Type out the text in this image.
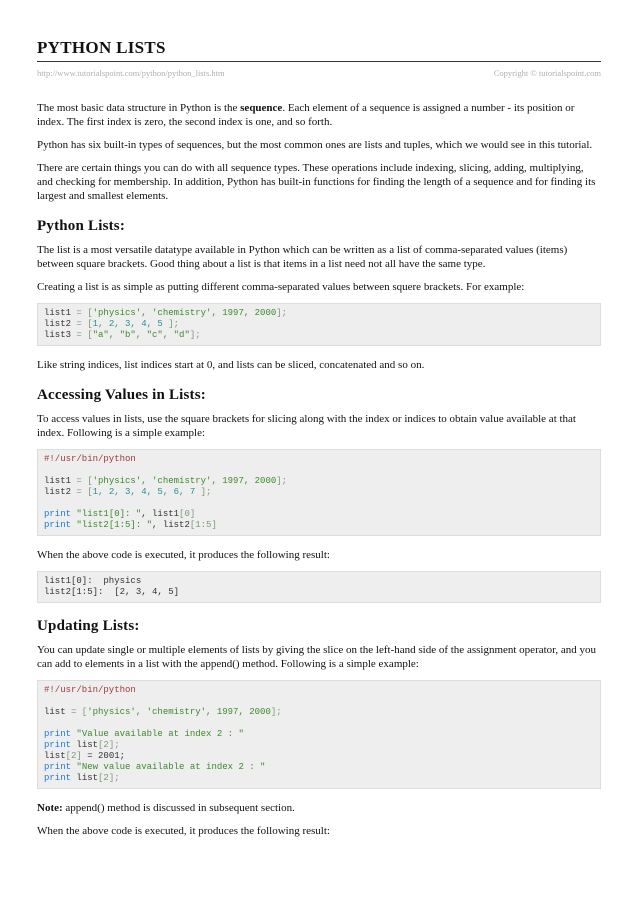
PYTHON LISTS
http://www.tutorialspoint.com/python/python_lists.htm	Copyright © tutorialspoint.com

The most basic data structure in Python is the sequence. Each element of a sequence is assigned a number - its position or index. The first index is zero, the second index is one, and so forth.

Python has six built-in types of sequences, but the most common ones are lists and tuples, which we would see in this tutorial.

There are certain things you can do with all sequence types. These operations include indexing, slicing, adding, multiplying, and checking for membership. In addition, Python has built-in functions for finding the length of a sequence and for finding its largest and smallest elements.

Python Lists:

The list is a most versatile datatype available in Python which can be written as a list of comma-separated values (items) between square brackets. Good thing about a list is that items in a list need not all have the same type.

Creating a list is as simple as putting different comma-separated values between squere brackets. For example:

list1 = ['physics', 'chemistry', 1997, 2000];
list2 = [1, 2, 3, 4, 5 ];
list3 = ["a", "b", "c", "d"];

Like string indices, list indices start at 0, and lists can be sliced, concatenated and so on.

Accessing Values in Lists:

To access values in lists, use the square brackets for slicing along with the index or indices to obtain value available at that index. Following is a simple example:

#!/usr/bin/python
list1 = ['physics', 'chemistry', 1997, 2000];
list2 = [1, 2, 3, 4, 5, 6, 7 ];
print "list1[0]: ", list1[0]
print "list2[1:5]: ", list2[1:5]

When the above code is executed, it produces the following result:

list1[0]:  physics
list2[1:5]:  [2, 3, 4, 5]
Updating Lists:

You can update single or multiple elements of lists by giving the slice on the left-hand side of the assignment operator, and you can add to elements in a list with the append() method. Following is a simple example:

#!/usr/bin/python
list = ['physics', 'chemistry', 1997, 2000];
print "Value available at index 2 : "
print list[2];
list[2] = 2001;
print "New value available at index 2 : "
print list[2];

Note: append() method is discussed in subsequent section.

When the above code is executed, it produces the following result:
